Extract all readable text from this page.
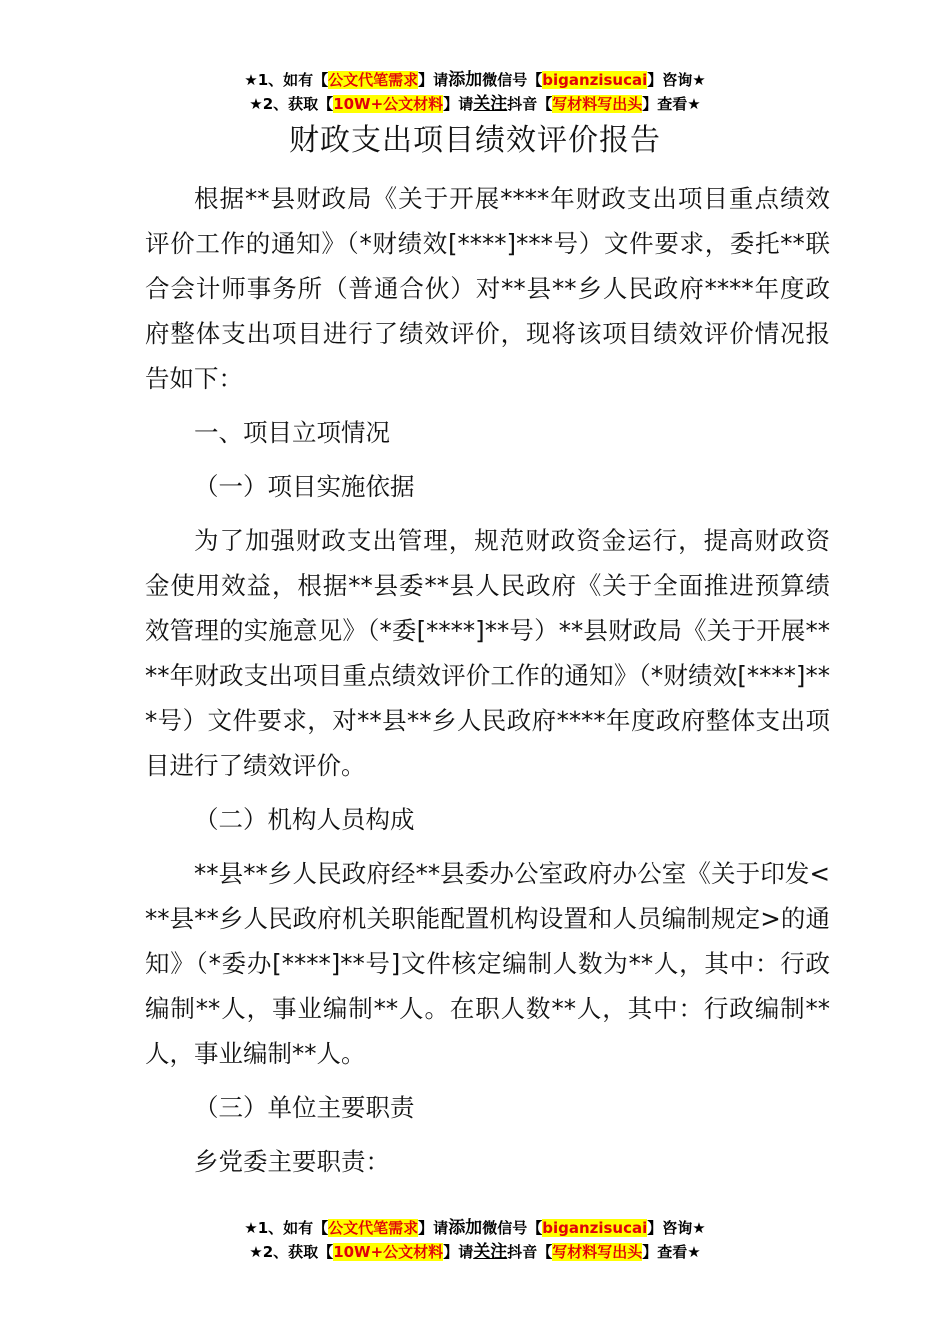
★1、如有【公文代笔需求】请添加微信号【biganzisucai】咨询★
★2、获取【10W+公文材料】请关注抖音【写材料写出头】查看★
财政支出项目绩效评价报告

根据**县财政局《关于开展****年财政支出项目重点绩效评价工作的通知》（*财绩效[****]***号）文件要求，委托**联合会计师事务所（普通合伙）对**县**乡人民政府****年度政府整体支出项目进行了绩效评价，现将该项目绩效评价情况报告如下：

一、项目立项情况

（一）项目实施依据

为了加强财政支出管理，规范财政资金运行，提高财政资金使用效益，根据**县委**县人民政府《关于全面推进预算绩效管理的实施意见》（*委[****]**号）**县财政局《关于开展****年财政支出项目重点绩效评价工作的通知》（*财绩效[****]***号）文件要求，对**县**乡人民政府****年度政府整体支出项目进行了绩效评价。

（二）机构人员构成

**县**乡人民政府经**县委办公室政府办公室《关于印发<**县**乡人民政府机关职能配置机构设置和人员编制规定>的通知》（*委办[****]**号]文件核定编制人数为**人，其中：行政编制**人，事业编制**人。在职人数**人，其中：行政编制**人，事业编制**人。

（三）单位主要职责

乡党委主要职责：

★1、如有【公文代笔需求】请添加微信号【biganzisucai】咨询★
★2、获取【10W+公文材料】请关注抖音【写材料写出头】查看★
